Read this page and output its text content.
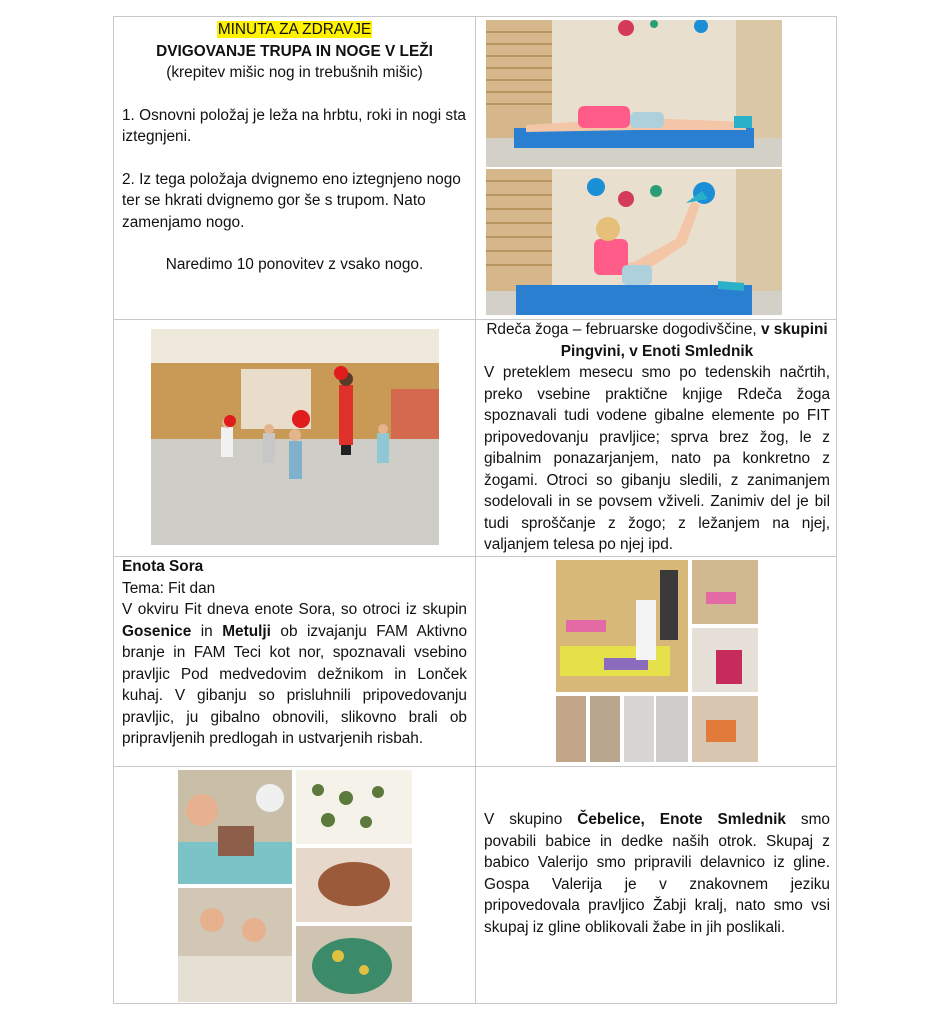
MINUTA ZA ZDRAVJE

DVIGOVANJE TRUPA IN NOGE V LEŽI

(krepitev mišic nog in trebušnih mišic)

1. Osnovni položaj je leža na hrbtu, roki in nogi sta iztegnjeni.

2. Iz tega položaja dvignemo eno iztegnjeno nogo ter se hkrati dvignemo gor še s trupom. Nato zamenjamo nogo.

Naredimo 10 ponovitev z vsako nogo.

Rdeča žoga – februarske dogodivščine, v skupini Pingvini, v Enoti Smlednik

V preteklem mesecu smo po tedenskih načrtih, preko vsebine praktične knjige Rdeča žoga spoznavali tudi vodene gibalne elemente po FIT pripovedovanju pravljice; sprva brez žog, le z gibalnim ponazarjanjem, nato pa konkretno z žogami. Otroci so gibanju sledili, z zanimanjem sodelovali in se povsem vživeli. Zanimiv del je bil tudi sproščanje z žogo; z ležanjem na njej, valjanjem telesa po njej ipd.

Enota Sora

Tema: Fit dan

V okviru Fit dneva enote Sora, so otroci iz skupin Gosenice in Metulji ob izvajanju FAM Aktivno branje in FAM Teci kot nor, spoznavali vsebino pravljic Pod medvedovim dežnikom in Lonček kuhaj. V gibanju so prisluhnili pripovedovanju pravljic, ju gibalno obnovili, slikovno brali ob pripravljenih predlogah in ustvarjenih risbah.

V skupino Čebelice, Enote Smlednik smo povabili babice in dedke naših otrok. Skupaj z babico Valerijo smo pripravili delavnico iz gline. Gospa Valerija je v znakovnem jeziku pripovedovala pravljico Žabji kralj, nato smo vsi skupaj iz gline oblikovali žabe in jih poslikali.
